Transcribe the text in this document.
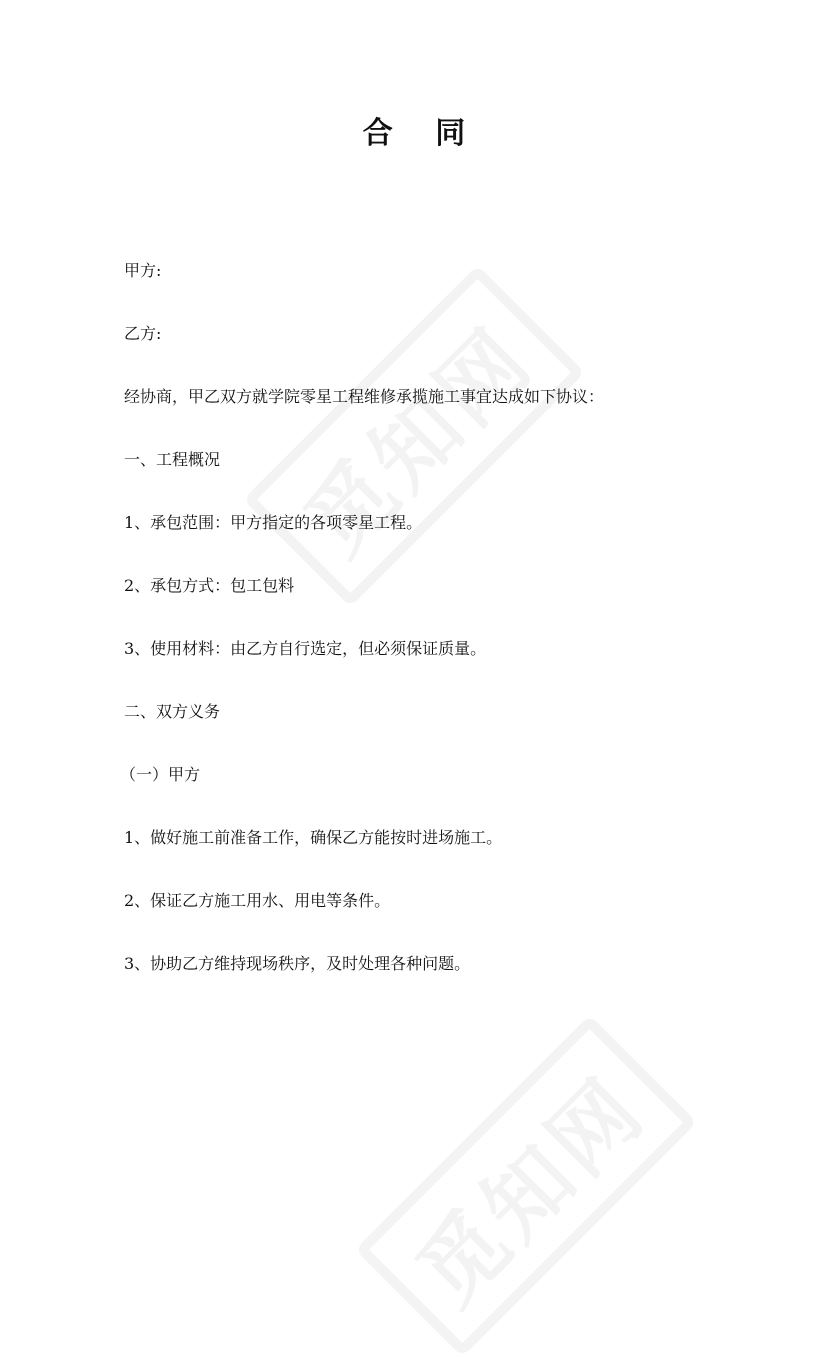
合 同
甲方:
乙方:
经协商，甲乙双方就学院零星工程维修承揽施工事宜达成如下协议：
一、工程概况
1、承包范围：甲方指定的各项零星工程。
2、承包方式：包工包料
3、使用材料：由乙方自行选定，但必须保证质量。
二、双方义务
（一）甲方
1、做好施工前准备工作，确保乙方能按时进场施工。
2、保证乙方施工用水、用电等条件。
3、协助乙方维持现场秩序，及时处理各种问题。
